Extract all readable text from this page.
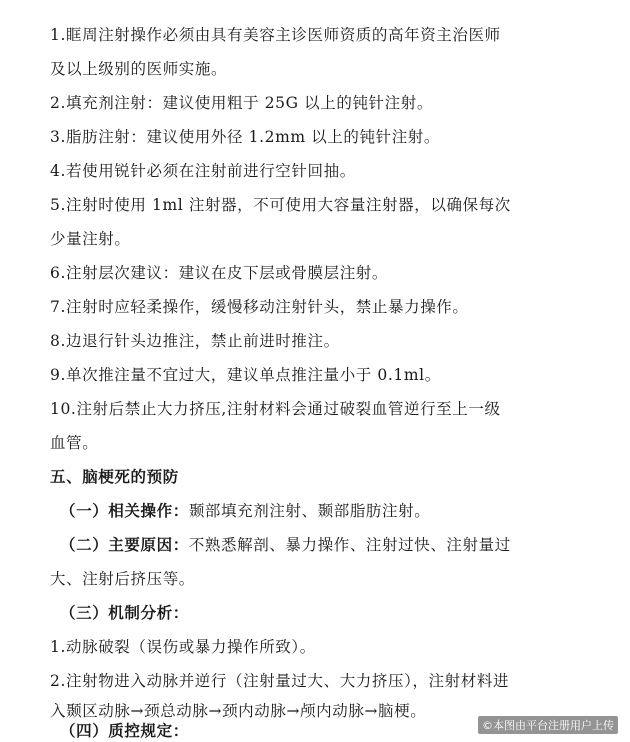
1.眶周注射操作必须由具有美容主诊医师资质的高年资主治医师
及以上级别的医师实施。
2.填充剂注射：建议使用粗于 25G 以上的钝针注射。
3.脂肪注射：建议使用外径 1.2mm 以上的钝针注射。
4.若使用锐针必须在注射前进行空针回抽。
5.注射时使用 1ml 注射器，不可使用大容量注射器，以确保每次
少量注射。
6.注射层次建议：建议在皮下层或骨膜层注射。
7.注射时应轻柔操作，缓慢移动注射针头，禁止暴力操作。
8.边退行针头边推注，禁止前进时推注。
9.单次推注量不宜过大，建议单点推注量小于 0.1ml。
10.注射后禁止大力挤压,注射材料会通过破裂血管逆行至上一级
血管。
五、脑梗死的预防
（一）相关操作：颞部填充剂注射、颞部脂肪注射。
（二）主要原因：不熟悉解剖、暴力操作、注射过快、注射量过
大、注射后挤压等。
（三）机制分析：
1.动脉破裂（误伤或暴力操作所致）。
2.注射物进入动脉并逆行（注射量过大、大力挤压），注射材料进
入颞区动脉→颈总动脉→颈内动脉→颅内动脉→脑梗。
（四）质控规定：	©本图由平台注册用户上传
